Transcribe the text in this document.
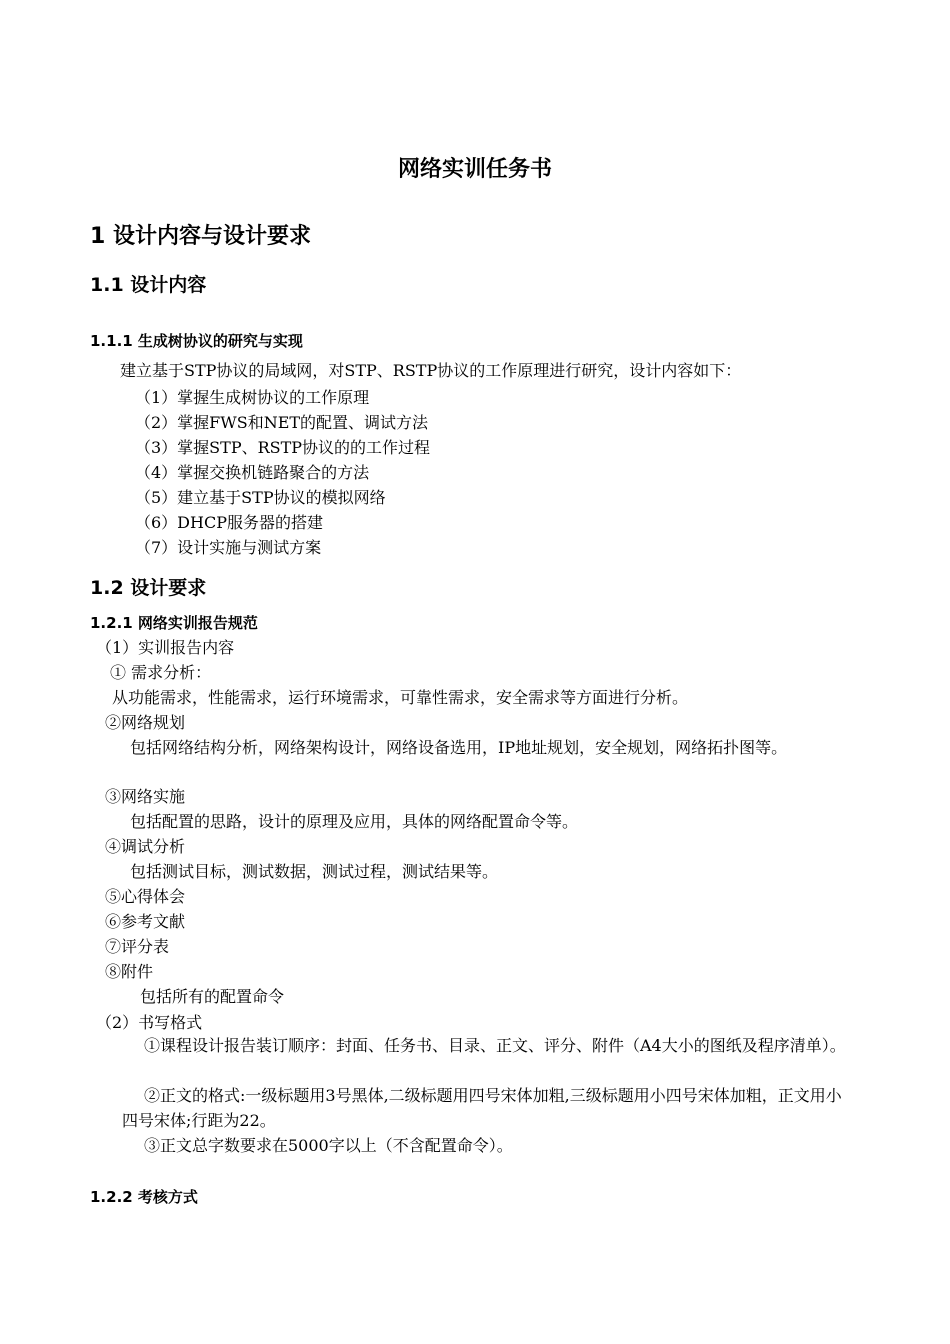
网络实训任务书
1 设计内容与设计要求
1.1 设计内容
1.1.1 生成树协议的研究与实现
建立基于STP协议的局域网，对STP、RSTP协议的工作原理进行研究，设计内容如下：
（1）掌握生成树协议的工作原理
（2）掌握FWS和NET的配置、调试方法
（3）掌握STP、RSTP协议的的工作过程
（4）掌握交换机链路聚合的方法
（5）建立基于STP协议的模拟网络
（6）DHCP服务器的搭建
（7）设计实施与测试方案
1.2 设计要求
1.2.1 网络实训报告规范
（1）实训报告内容
① 需求分析：
从功能需求，性能需求，运行环境需求，可靠性需求，安全需求等方面进行分析。
②网络规划
包括网络结构分析，网络架构设计，网络设备选用，IP地址规划，安全规划，网络拓扑图等。
③网络实施
包括配置的思路，设计的原理及应用，具体的网络配置命令等。
④调试分析
包括测试目标，测试数据，测试过程，测试结果等。
⑤心得体会
⑥参考文献
⑦评分表
⑧附件
包括所有的配置命令
（2）书写格式
①课程设计报告装订顺序：封面、任务书、目录、正文、评分、附件（A4大小的图纸及程序清单）。
②正文的格式:一级标题用3号黑体,二级标题用四号宋体加粗,三级标题用小四号宋体加粗，正文用小四号宋体;行距为22。
③正文总字数要求在5000字以上（不含配置命令）。
1.2.2 考核方式
